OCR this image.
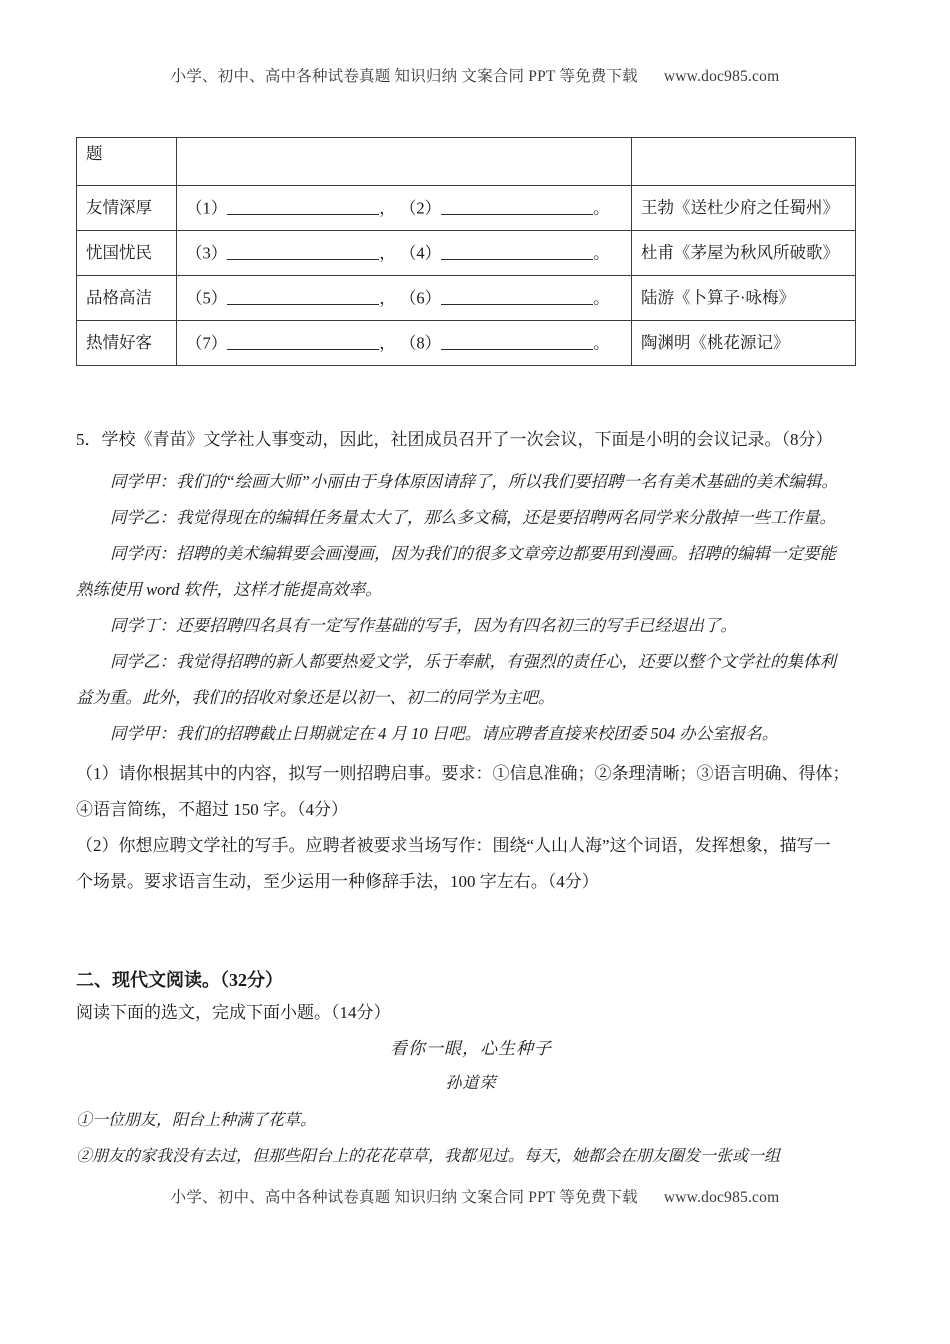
小学、初中、高中各种试卷真题 知识归纳 文案合同 PPT 等免费下载 www.doc985.com
题		
友情深厚	（1） ， （2） 。	王勃《送杜少府之任蜀州》
忧国忧民	（3） ， （4） 。	杜甫《茅屋为秋风所破歌》
品格高洁	（5） ， （6） 。	陆游《卜算子·咏梅》
热情好客	（7） ， （8） 。	陶渊明《桃花源记》
5．学校《青苗》文学社人事变动，因此，社团成员召开了一次会议，下面是小明的会议记录。（8分）
同学甲：我们的“绘画大师”小丽由于身体原因请辞了，所以我们要招聘一名有美术基础的美术编辑。
同学乙：我觉得现在的编辑任务量太大了，那么多文稿，还是要招聘两名同学来分散掉一些工作量。
同学丙：招聘的美术编辑要会画漫画，因为我们的很多文章旁边都要用到漫画。招聘的编辑一定要能
熟练使用 word 软件，这样才能提高效率。
同学丁：还要招聘四名具有一定写作基础的写手，因为有四名初三的写手已经退出了。
同学乙：我觉得招聘的新人都要热爱文学，乐于奉献，有强烈的责任心，还要以整个文学社的集体利
益为重。此外，我们的招收对象还是以初一、初二的同学为主吧。
同学甲：我们的招聘截止日期就定在 4 月 10 日吧。请应聘者直接来校团委 504 办公室报名。
（1）请你根据其中的内容，拟写一则招聘启事。要求：①信息准确；②条理清晰；③语言明确、得体；
④语言简练，不超过 150 字。（4分）
（2）你想应聘文学社的写手。应聘者被要求当场写作：围绕“人山人海”这个词语，发挥想象，描写一
个场景。要求语言生动，至少运用一种修辞手法，100 字左右。（4分）
二、现代文阅读。（32分）
阅读下面的选文，完成下面小题。（14分）
看你一眼，心生种子
孙道荣
①一位朋友，阳台上种满了花草。
②朋友的家我没有去过，但那些阳台上的花花草草，我都见过。每天，她都会在朋友圈发一张或一组
小学、初中、高中各种试卷真题 知识归纳 文案合同 PPT 等免费下载 www.doc985.com
